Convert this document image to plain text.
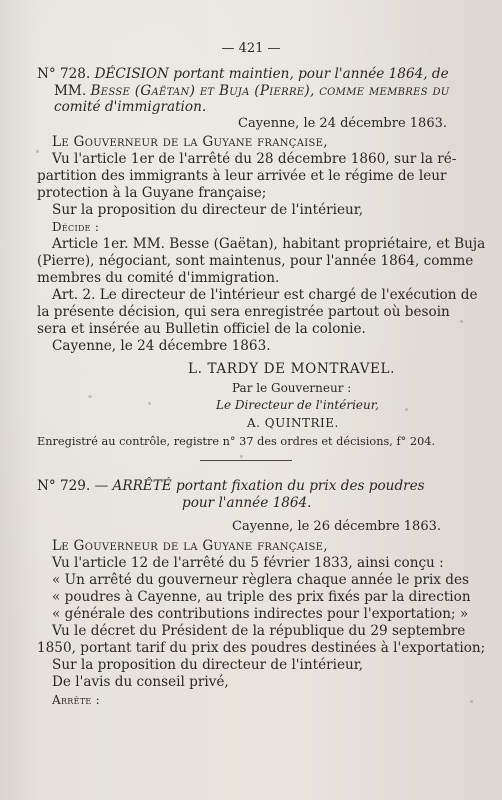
— 421 —
N° 728. DÉCISION portant maintien, pour l'année 1864, de
MM. Besse (Gaëtan) et Buja (Pierre), comme membres du
comité d'immigration.
Cayenne, le 24 décembre 1863.
Le Gouverneur de la Guyane française,
Vu l'article 1er de l'arrêté du 28 décembre 1860, sur la ré-
partition des immigrants à leur arrivée et le régime de leur
protection à la Guyane française;
Sur la proposition du directeur de l'intérieur,
Décide :
Article 1er. MM. Besse (Gaëtan), habitant propriétaire, et Buja
(Pierre), négociant, sont maintenus, pour l'année 1864, comme
membres du comité d'immigration.
Art. 2. Le directeur de l'intérieur est chargé de l'exécution de
la présente décision, qui sera enregistrée partout où besoin
sera et insérée au Bulletin officiel de la colonie.
Cayenne, le 24 décembre 1863.
L. TARDY DE MONTRAVEL.
Par le Gouverneur :
Le Directeur de l'intérieur,
A. QUINTRIE.
Enregistré au contrôle, registre n° 37 des ordres et décisions, f° 204.
N° 729. — ARRÊTÉ portant fixation du prix des poudres
pour l'année 1864.
Cayenne, le 26 décembre 1863.
Le Gouverneur de la Guyane française,
Vu l'article 12 de l'arrêté du 5 février 1833, ainsi conçu :
« Un arrêté du gouverneur règlera chaque année le prix des
« poudres à Cayenne, au triple des prix fixés par la direction
« générale des contributions indirectes pour l'exportation; »
Vu le décret du Président de la république du 29 septembre
1850, portant tarif du prix des poudres destinées à l'exportation;
Sur la proposition du directeur de l'intérieur,
De l'avis du conseil privé,
Arrête :
